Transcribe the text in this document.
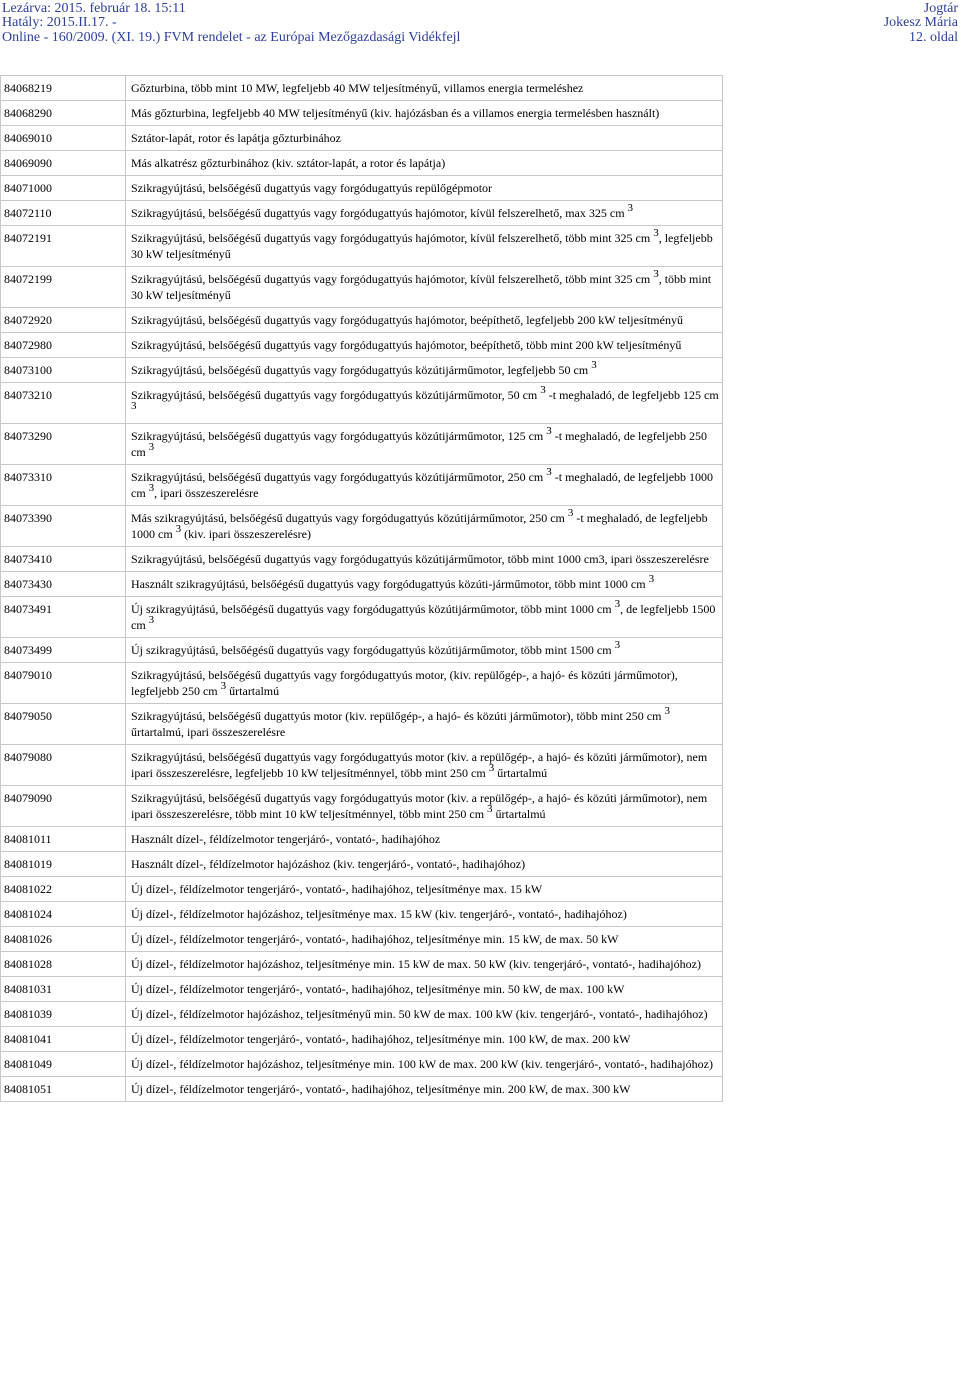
Lezárva: 2015. február 18. 15:11
Hatály: 2015.II.17. -
Online - 160/2009. (XI. 19.) FVM rendelet - az Európai Mezőgazdasági Vidékfejl
Jogtár
Jokesz Mária
12. oldal
84068219	Gőzturbina, több mint 10 MW, legfeljebb 40 MW teljesítményű, villamos energia termeléshez
84068290	Más gőzturbina, legfeljebb 40 MW teljesítményű (kiv. hajózásban és a villamos energia termelésben használt)
84069010	Sztátor-lapát, rotor és lapátja gőzturbinához
84069090	Más alkatrész gőzturbinához (kiv. sztátor-lapát, a rotor és lapátja)
84071000	Szikragyújtású, belsőégésű dugattyús vagy forgódugattyús repülőgépmotor
84072110	Szikragyújtású, belsőégésű dugattyús vagy forgódugattyús hajómotor, kívül felszerelhető, max 325 cm $^3$
84072191	Szikragyújtású, belsőégésű dugattyús vagy forgódugattyús hajómotor, kívül felszerelhető, több mint 325 cm $^3$, legfeljebb 30 kW teljesítményű
84072199	Szikragyújtású, belsőégésű dugattyús vagy forgódugattyús hajómotor, kívül felszerelhető, több mint 325 cm $^3$, több mint 30 kW teljesítményű
84072920	Szikragyújtású, belsőégésű dugattyús vagy forgódugattyús hajómotor, beépíthető, legfeljebb 200 kW teljesítményű
84072980	Szikragyújtású, belsőégésű dugattyús vagy forgódugattyús hajómotor, beépíthető, több mint 200 kW teljesítményű
84073100	Szikragyújtású, belsőégésű dugattyús vagy forgódugattyús közútijárműmotor, legfeljebb 50 cm $^3$
84073210	Szikragyújtású, belsőégésű dugattyús vagy forgódugattyús közútijárműmotor, 50 cm $^3$ -t meghaladó, de legfeljebb 125 cm $^3$
84073290	Szikragyújtású, belsőégésű dugattyús vagy forgódugattyús közútijárműmotor, 125 cm $^3$ -t meghaladó, de legfeljebb 250 cm $^3$
84073310	Szikragyújtású, belsőégésű dugattyús vagy forgódugattyús közútijárműmotor, 250 cm $^3$ -t meghaladó, de legfeljebb 1000 cm $^3$, ipari összeszerelésre
84073390	Más szikragyújtású, belsőégésű dugattyús vagy forgódugattyús közútijárműmotor, 250 cm $^3$ -t meghaladó, de legfeljebb 1000 cm $^3$ (kiv. ipari összeszerelésre)
84073410	Szikragyújtású, belsőégésű dugattyús vagy forgódugattyús közútijárműmotor, több mint 1000 cm3, ipari összeszerelésre
84073430	Használt szikragyújtású, belsőégésű dugattyús vagy forgódugattyús közúti-járműmotor, több mint 1000 cm $^3$
84073491	Új szikragyújtású, belsőégésű dugattyús vagy forgódugattyús közútijárműmotor, több mint 1000 cm $^3$, de legfeljebb 1500 cm $^3$
84073499	Új szikragyújtású, belsőégésű dugattyús vagy forgódugattyús közútijárműmotor, több mint 1500 cm $^3$
84079010	Szikragyújtású, belsőégésű dugattyús vagy forgódugattyús motor, (kiv. repülőgép-, a hajó- és közúti járműmotor), legfeljebb 250 cm $^3$ űrtartalmú
84079050	Szikragyújtású, belsőégésű dugattyús motor (kiv. repülőgép-, a hajó- és közúti járműmotor), több mint 250 cm $^3$ űrtartalmú, ipari összeszerelésre
84079080	Szikragyújtású, belsőégésű dugattyús vagy forgódugattyús motor (kiv. a repülőgép-, a hajó- és közúti járműmotor), nem ipari összeszerelésre, legfeljebb 10 kW teljesítménnyel, több mint 250 cm $^3$ űrtartalmú
84079090	Szikragyújtású, belsőégésű dugattyús vagy forgódugattyús motor (kiv. a repülőgép-, a hajó- és közúti járműmotor), nem ipari összeszerelésre, több mint 10 kW teljesítménnyel, több mint 250 cm $^3$ űrtartalmú
84081011	Használt dízel-, féldízelmotor tengerjáró-, vontató-, hadihajóhoz
84081019	Használt dízel-, féldízelmotor hajózáshoz (kiv. tengerjáró-, vontató-, hadihajóhoz)
84081022	Új dízel-, féldízelmotor tengerjáró-, vontató-, hadihajóhoz, teljesítménye max. 15 kW
84081024	Új dízel-, féldízelmotor hajózáshoz, teljesítménye max. 15 kW (kiv. tengerjáró-, vontató-, hadihajóhoz)
84081026	Új dízel-, féldízelmotor tengerjáró-, vontató-, hadihajóhoz, teljesítménye min. 15 kW, de max. 50 kW
84081028	Új dízel-, féldízelmotor hajózáshoz, teljesítménye min. 15 kW de max. 50 kW (kiv. tengerjáró-, vontató-, hadihajóhoz)
84081031	Új dízel-, féldízelmotor tengerjáró-, vontató-, hadihajóhoz, teljesítménye min. 50 kW, de max. 100 kW
84081039	Új dízel-, féldízelmotor hajózáshoz, teljesítményű min. 50 kW de max. 100 kW (kiv. tengerjáró-, vontató-, hadihajóhoz)
84081041	Új dízel-, féldízelmotor tengerjáró-, vontató-, hadihajóhoz, teljesítménye min. 100 kW, de max. 200 kW
84081049	Új dízel-, féldízelmotor hajózáshoz, teljesítménye min. 100 kW de max. 200 kW (kiv. tengerjáró-, vontató-, hadihajóhoz)
84081051	Új dízel-, féldízelmotor tengerjáró-, vontató-, hadihajóhoz, teljesítménye min. 200 kW, de max. 300 kW
